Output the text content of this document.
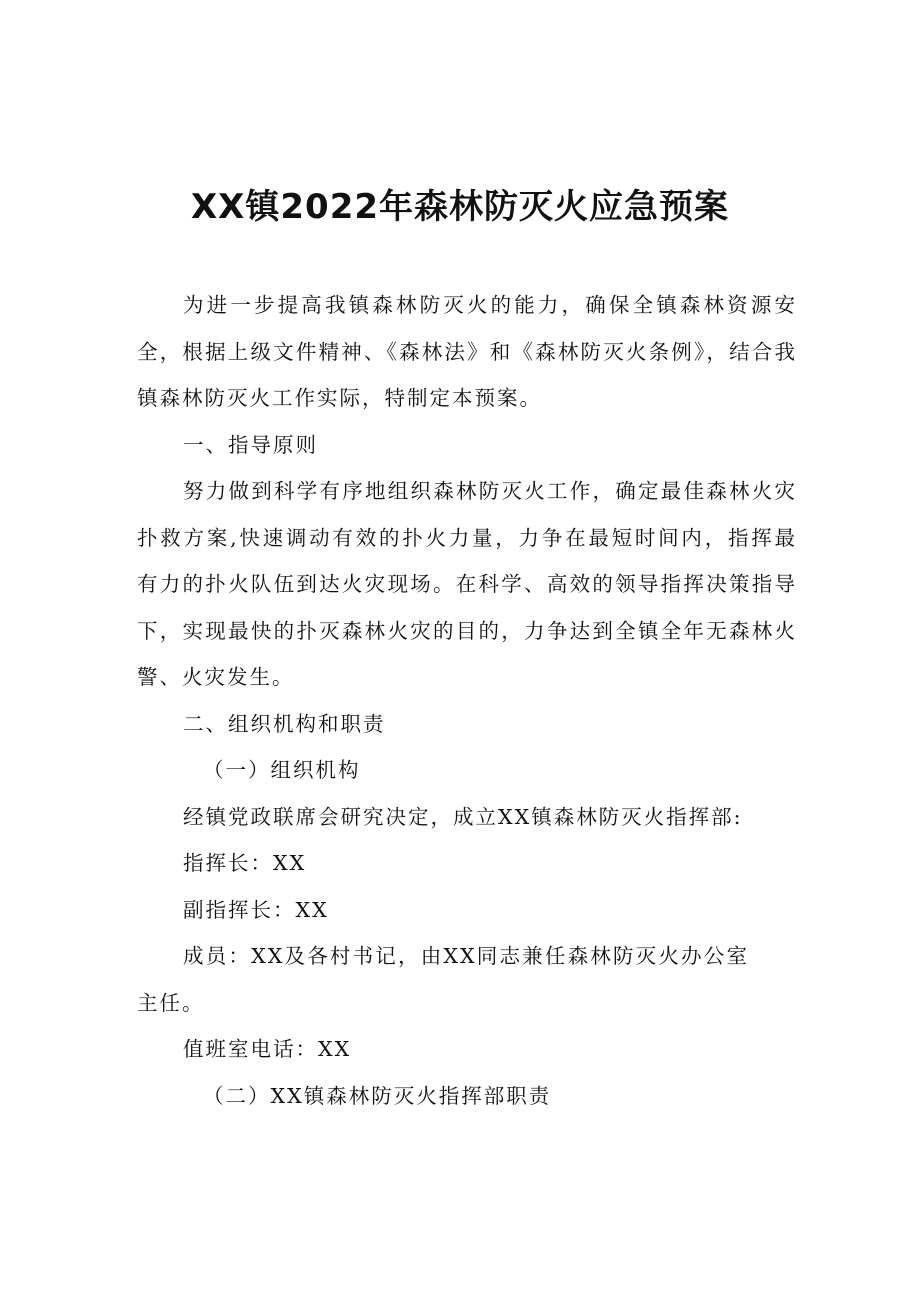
XX镇2022年森林防灭火应急预案

为进一步提高我镇森林防灭火的能力，确保全镇森林资源安全，根据上级文件精神、《森林法》和《森林防灭火条例》，结合我镇森林防灭火工作实际，特制定本预案。

一、指导原则

努力做到科学有序地组织森林防灭火工作，确定最佳森林火灾扑救方案,快速调动有效的扑火力量，力争在最短时间内，指挥最有力的扑火队伍到达火灾现场。在科学、高效的领导指挥决策指导下，实现最快的扑灭森林火灾的目的，力争达到全镇全年无森林火警、火灾发生。

二、组织机构和职责

（一）组织机构

经镇党政联席会研究决定，成立XX镇森林防灭火指挥部:

指挥长：XX

副指挥长：XX

成员：XX及各村书记，由XX同志兼任森林防灭火办公室主任。

值班室电话：XX

（二）XX镇森林防灭火指挥部职责
